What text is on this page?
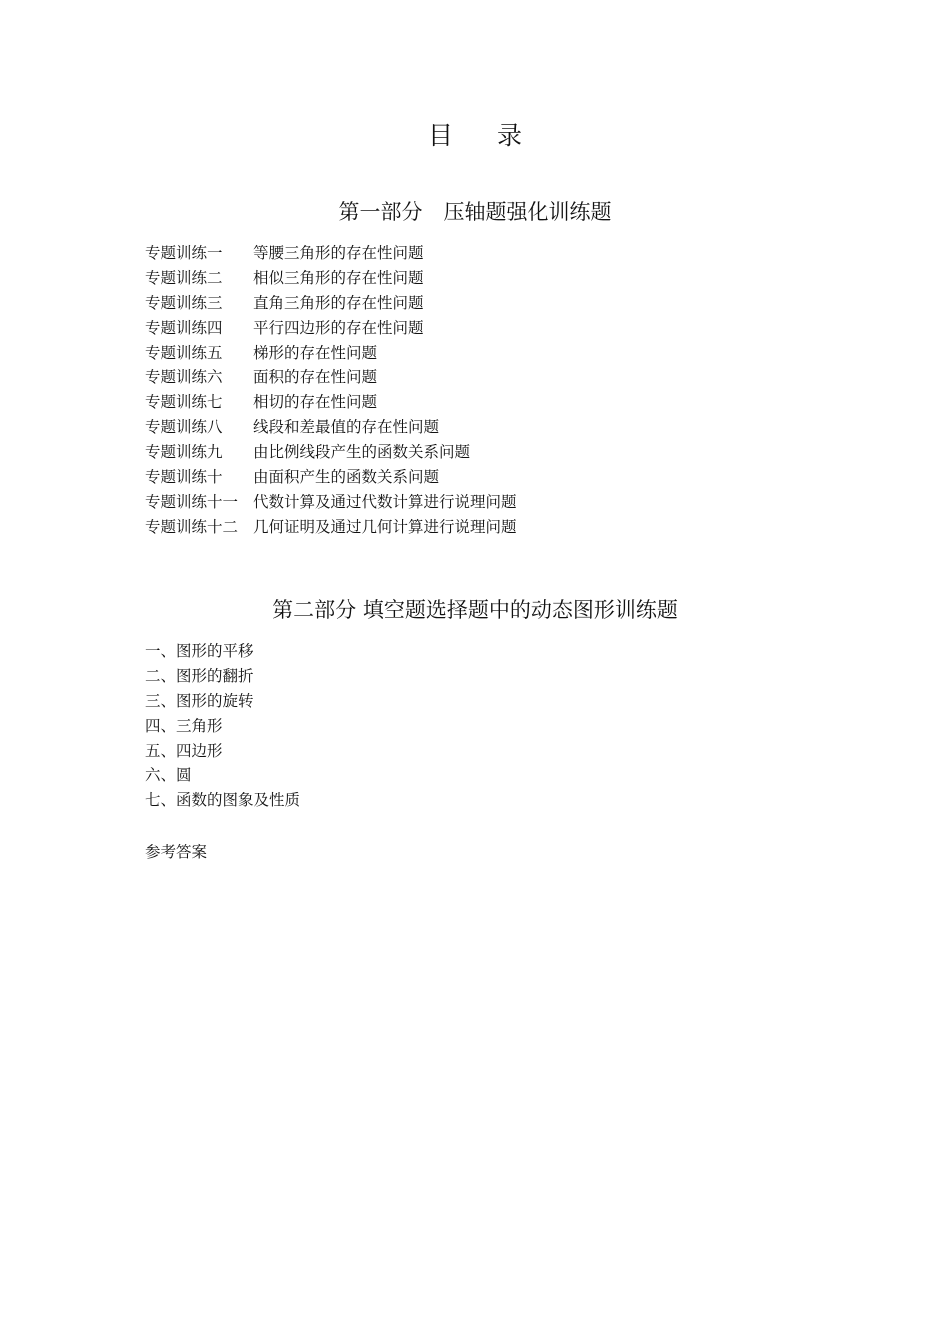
目录
第一部分　压轴题强化训练题
专题训练一 等腰三角形的存在性问题
专题训练二 相似三角形的存在性问题
专题训练三 直角三角形的存在性问题
专题训练四 平行四边形的存在性问题
专题训练五 梯形的存在性问题
专题训练六 面积的存在性问题
专题训练七 相切的存在性问题
专题训练八 线段和差最值的存在性问题
专题训练九 由比例线段产生的函数关系问题
专题训练十 由面积产生的函数关系问题
专题训练十一 代数计算及通过代数计算进行说理问题
专题训练十二 几何证明及通过几何计算进行说理问题
第二部分 填空题选择题中的动态图形训练题
一、图形的平移
二、图形的翻折
三、图形的旋转
四、三角形
五、四边形
六、圆
七、函数的图象及性质
参考答案
